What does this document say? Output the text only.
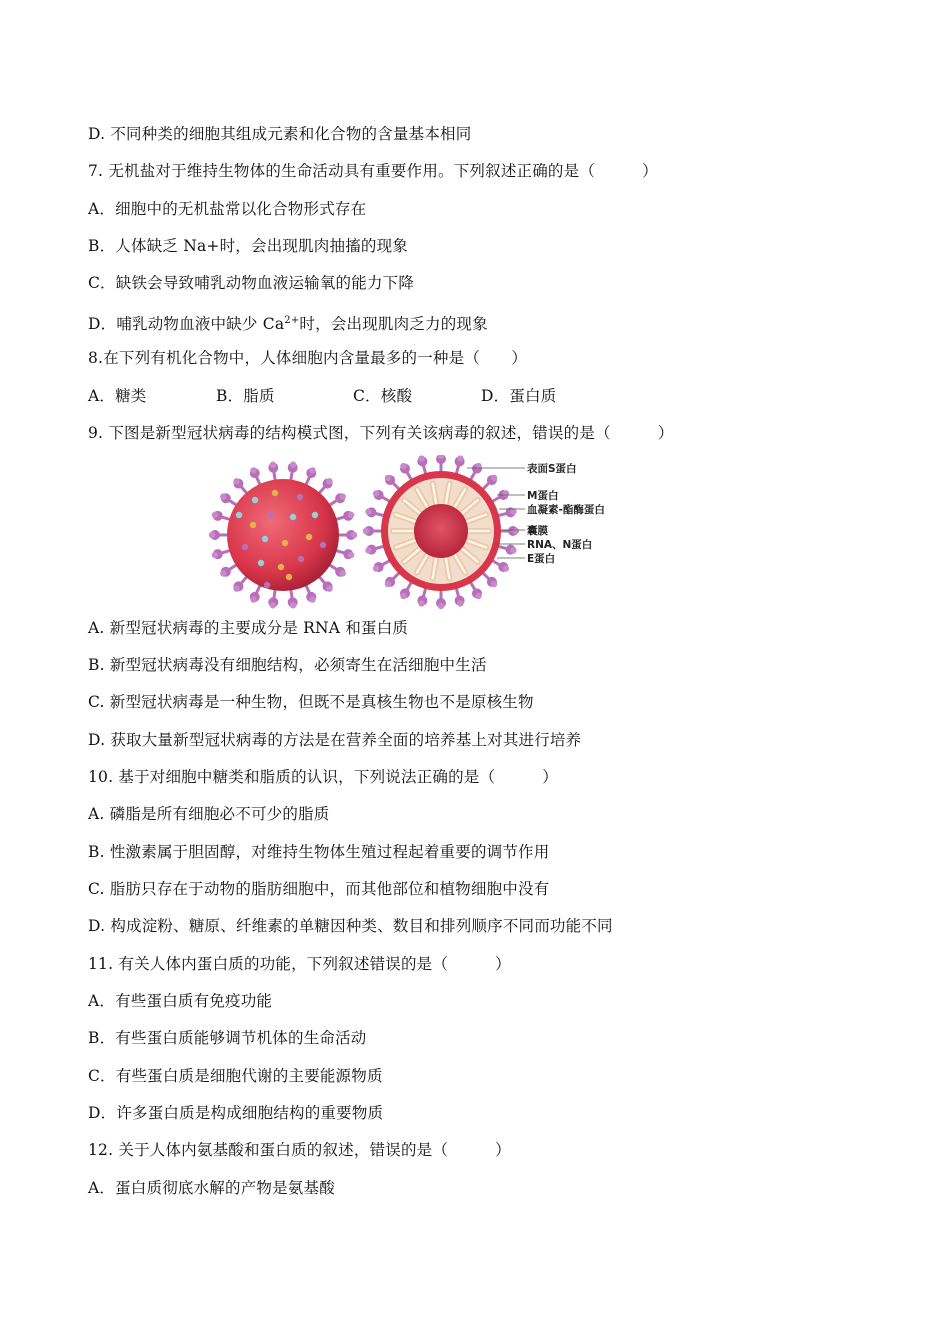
D. 不同种类的细胞其组成元素和化合物的含量基本相同
7. 无机盐对于维持生物体的生命活动具有重要作用。下列叙述正确的是（　　　）
A．细胞中的无机盐常以化合物形式存在
B．人体缺乏 Na+时，会出现肌肉抽搐的现象
C．缺铁会导致哺乳动物血液运输氧的能力下降
D．哺乳动物血液中缺少 $Ca^{2+}$时，会出现肌肉乏力的现象
8.在下列有机化合物中，人体细胞内含量最多的一种是（　　）
A．糖类	B．脂质	C．核酸	D．蛋白质
9. 下图是新型冠状病毒的结构模式图，下列有关该病毒的叙述，错误的是（　　　）
表面S蛋白
M蛋白
血凝素-酯酶蛋白
囊膜
RNA、N蛋白
E蛋白
A. 新型冠状病毒的主要成分是 RNA 和蛋白质
B. 新型冠状病毒没有细胞结构，必须寄生在活细胞中生活
C. 新型冠状病毒是一种生物，但既不是真核生物也不是原核生物
D. 获取大量新型冠状病毒的方法是在营养全面的培养基上对其进行培养
10. 基于对细胞中糖类和脂质的认识，下列说法正确的是（　　　）
A. 磷脂是所有细胞必不可少的脂质
B. 性激素属于胆固醇，对维持生物体生殖过程起着重要的调节作用
C. 脂肪只存在于动物的脂肪细胞中，而其他部位和植物细胞中没有
D. 构成淀粉、糖原、纤维素的单糖因种类、数目和排列顺序不同而功能不同
11. 有关人体内蛋白质的功能，下列叙述错误的是（　　　）
A．有些蛋白质有免疫功能
B．有些蛋白质能够调节机体的生命活动
C．有些蛋白质是细胞代谢的主要能源物质
D．许多蛋白质是构成细胞结构的重要物质
12. 关于人体内氨基酸和蛋白质的叙述，错误的是（　　　）
A．蛋白质彻底水解的产物是氨基酸
